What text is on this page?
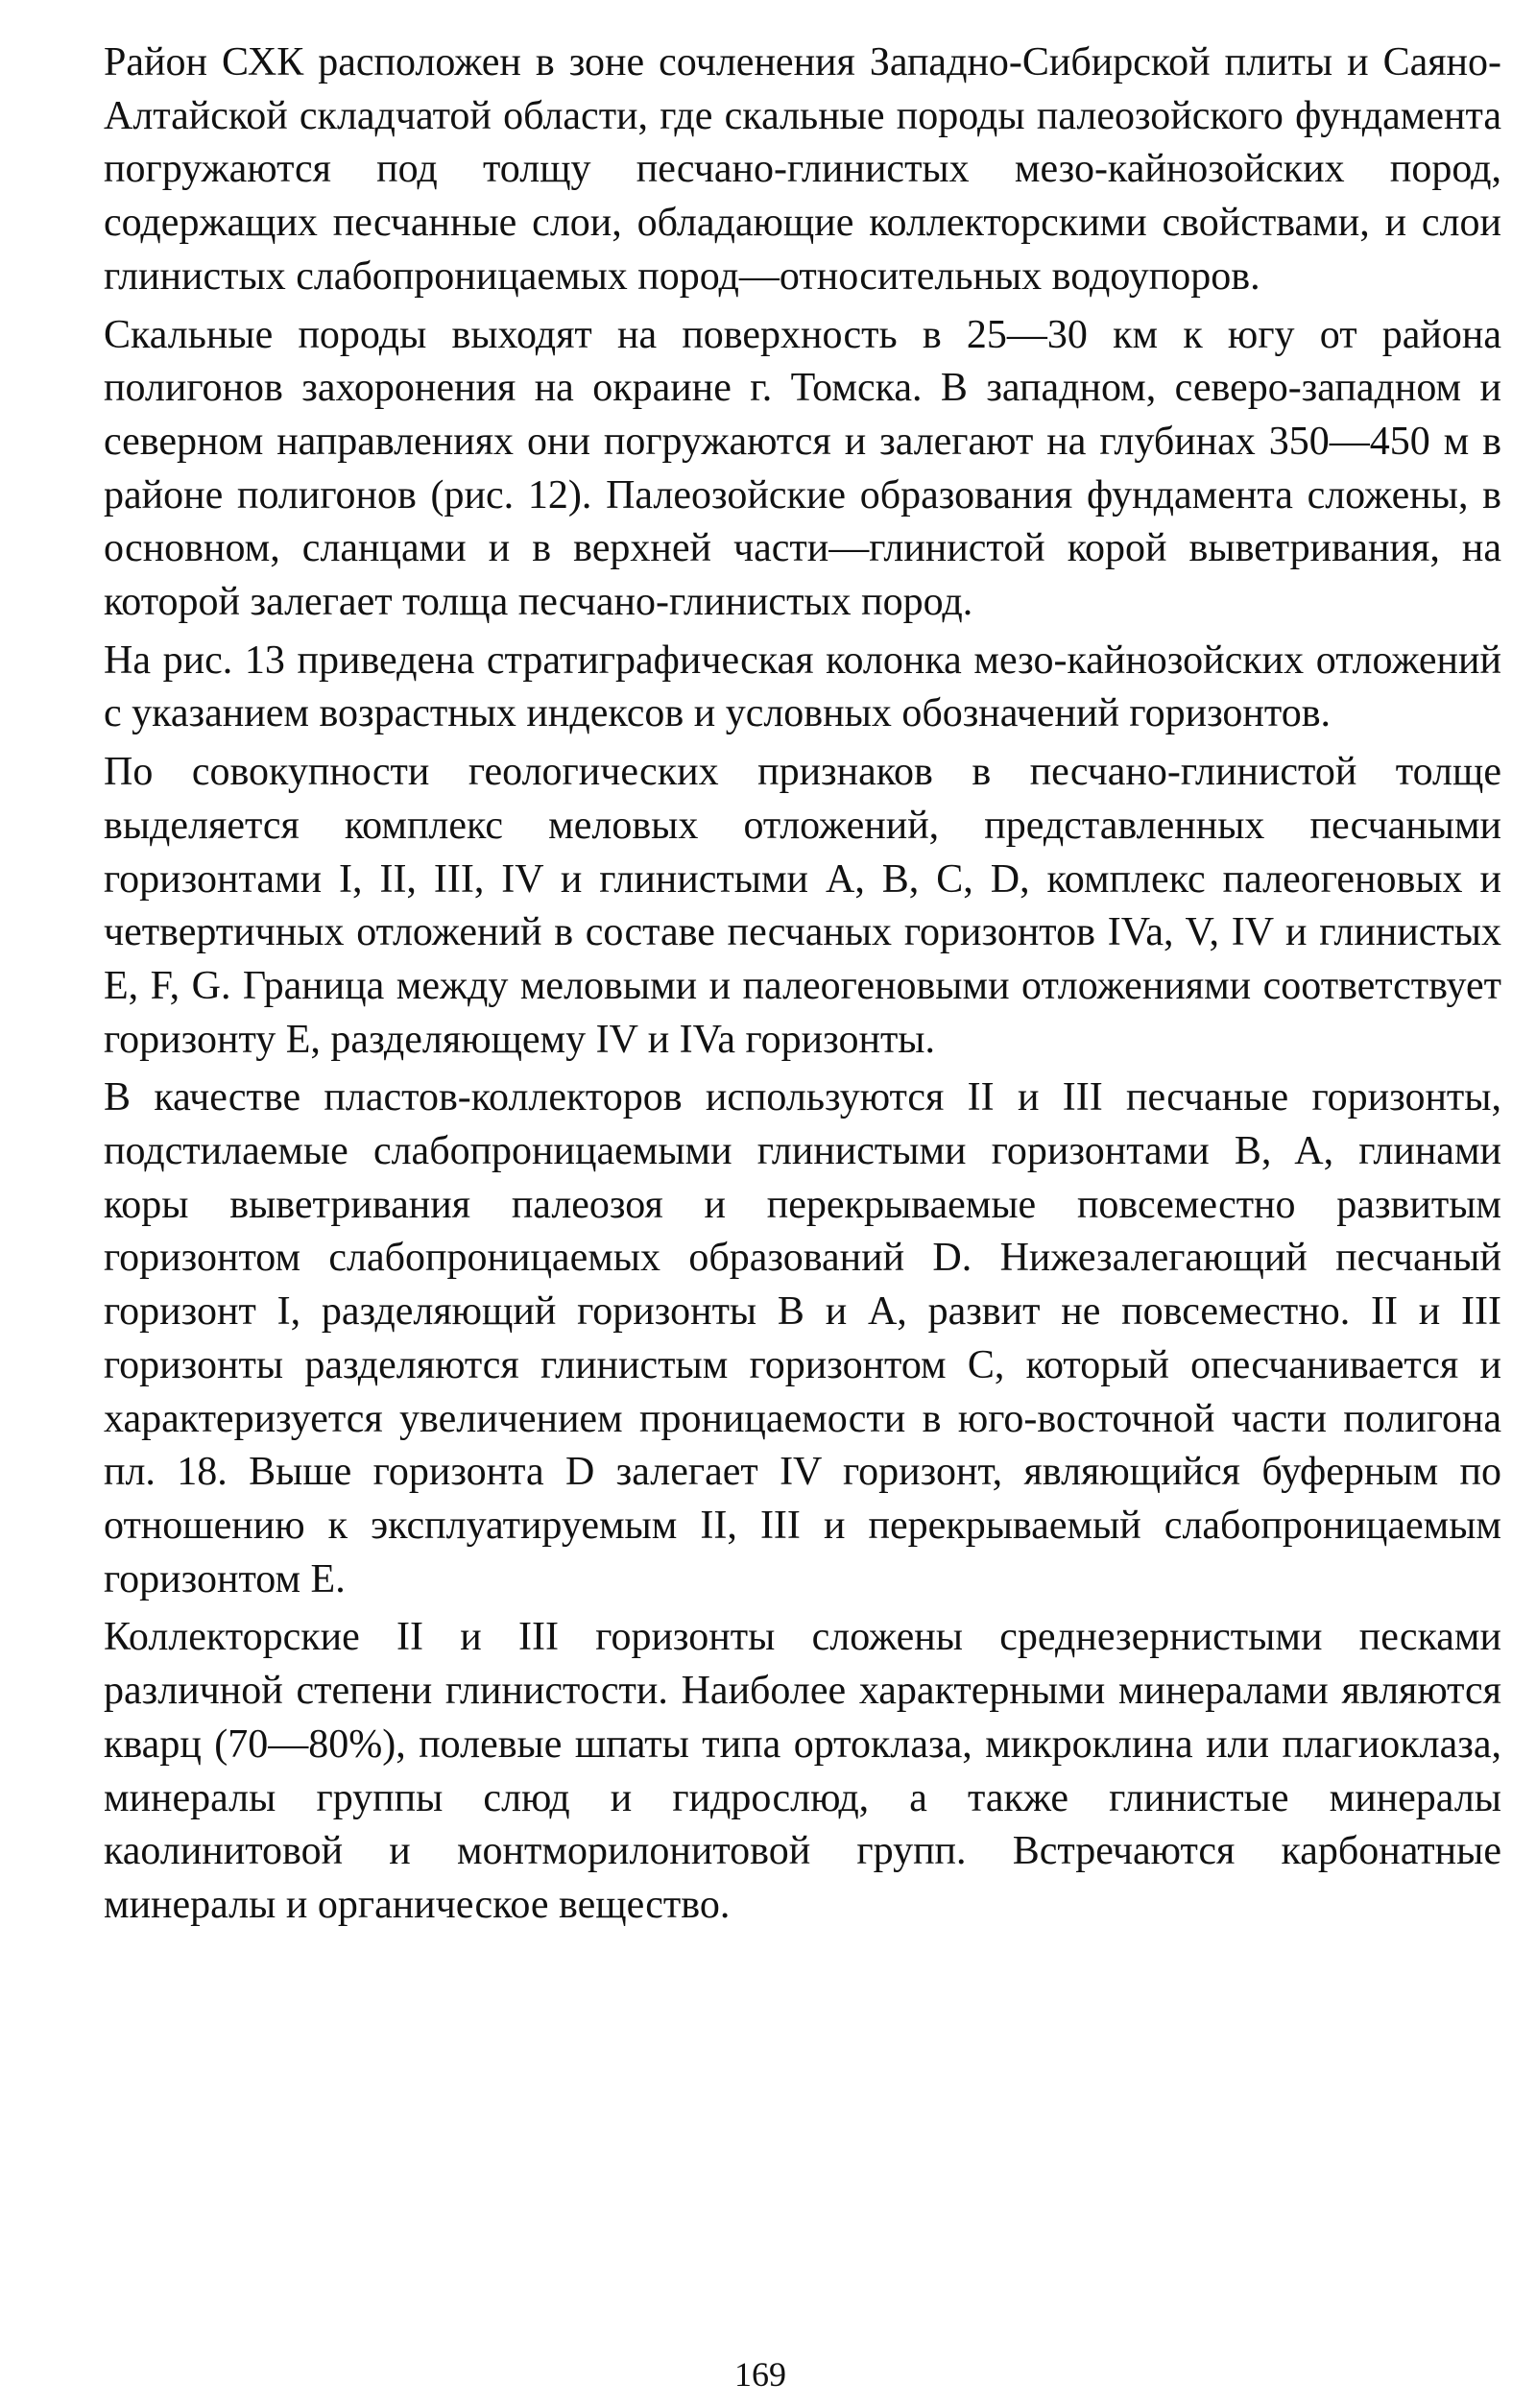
Район СХК расположен в зоне сочленения Западно-Сибирской плиты и Саяно-Алтайской складчатой области, где скальные породы палеозойского фундамента погружаются под толщу песчано-глинистых мезо-кайнозойских пород, содержащих песчанные слои, обладающие коллекторскими свойствами, и слои глинистых слабопроницаемых пород—относительных водоупоров.

Скальные породы выходят на поверхность в 25—30 км к югу от района полигонов захоронения на окраине г. Томска. В западном, северо-западном и северном направлениях они погружаются и залегают на глубинах 350—450 м в районе полигонов (рис. 12). Палеозойские образования фундамента сложены, в основном, сланцами и в верхней части—глинистой корой выветривания, на которой залегает толща песчано-глинистых пород.

На рис. 13 приведена стратиграфическая колонка мезо-кайнозойских отложений с указанием возрастных индексов и условных обозначений горизонтов.

По совокупности геологических признаков в песчано-глинистой толще выделяется комплекс меловых отложений, представленных песчаными горизонтами I, II, III, IV и глинистыми A, B, C, D, комплекс палеогеновых и четвертичных отложений в составе песчаных горизонтов IVa, V, IV и глинистых E, F, G. Граница между меловыми и палеогеновыми отложениями соответствует горизонту E, разделяющему IV и IVa горизонты.

В качестве пластов-коллекторов используются II и III песчаные горизонты, подстилаемые слабопроницаемыми глинистыми горизонтами B, A, глинами коры выветривания палеозоя и перекрываемые повсеместно развитым горизонтом слабопроницаемых образований D. Нижезалегающий песчаный горизонт I, разделяющий горизонты B и A, развит не повсеместно. II и III горизонты разделяются глинистым горизонтом C, который опесчанивается и характеризуется увеличением проницаемости в юго-восточной части полигона пл. 18. Выше горизонта D залегает IV горизонт, являющийся буферным по отношению к эксплуатируемым II, III и перекрываемый слабопроницаемым горизонтом E.

Коллекторские II и III горизонты сложены среднезернистыми песками различной степени глинистости. Наиболее характерными минералами являются кварц (70—80%), полевые шпаты типа ортоклаза, микроклина или плагиоклаза, минералы группы слюд и гидрослюд, а также глинистые минералы каолинитовой и монтморилонитовой групп. Встречаются карбонатные минералы и органическое вещество.

169
